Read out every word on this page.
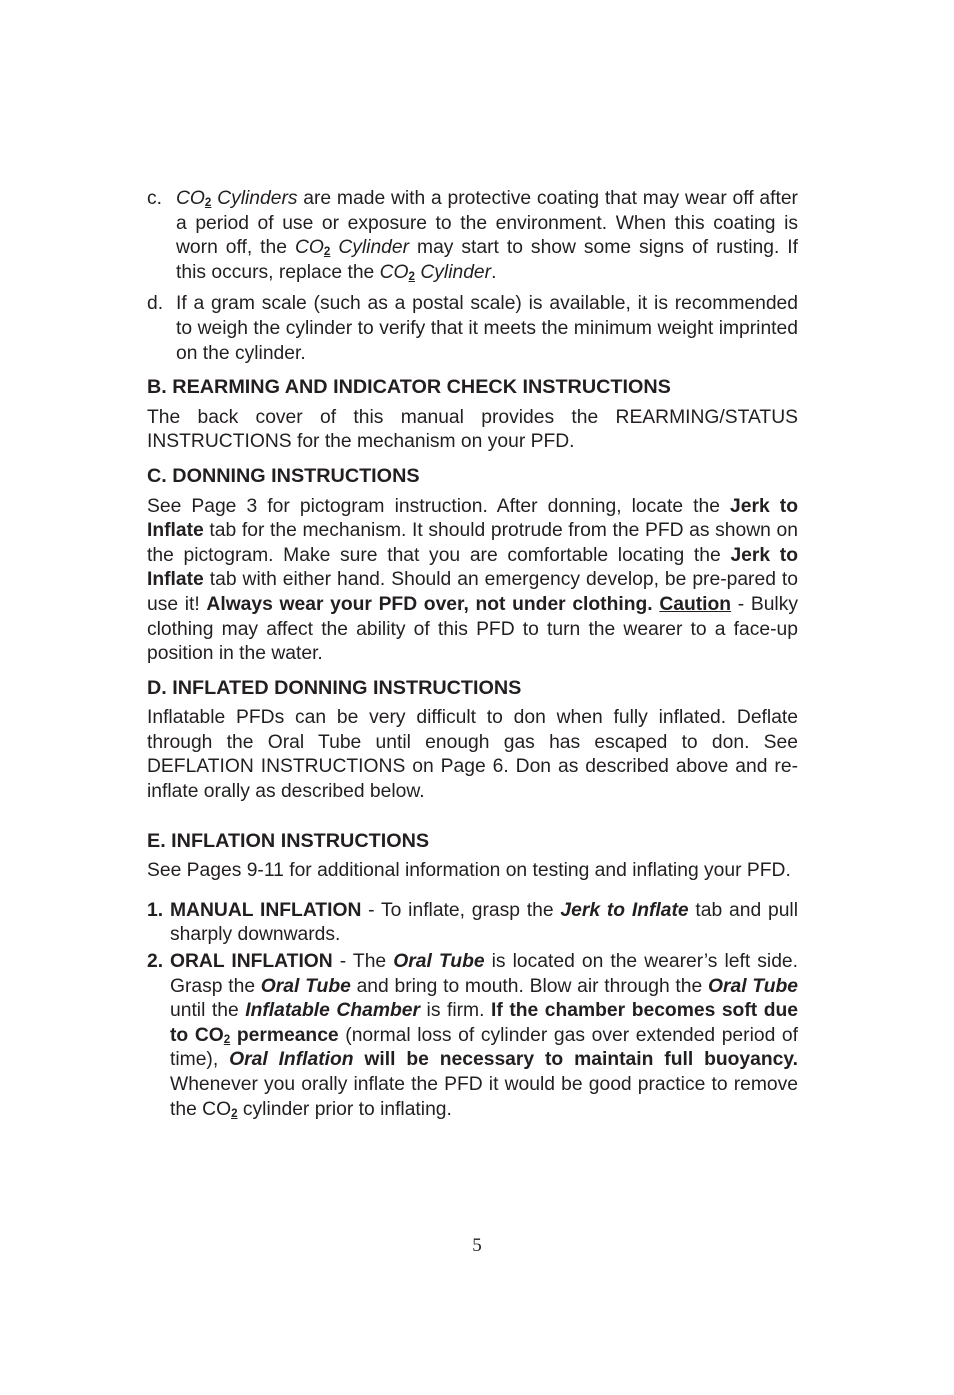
c. $CO_2$ Cylinders are made with a protective coating that may wear off after a period of use or exposure to the environment. When this coating is worn off, the $CO_2$ Cylinder may start to show some signs of rusting. If this occurs, replace the $CO_2$ Cylinder.
d. If a gram scale (such as a postal scale) is available, it is recommended to weigh the cylinder to verify that it meets the minimum weight imprinted on the cylinder.
B. REARMING AND INDICATOR CHECK INSTRUCTIONS
The back cover of this manual provides the REARMING/STATUS INSTRUCTIONS for the mechanism on your PFD.
C. DONNING INSTRUCTIONS
See Page 3 for pictogram instruction. After donning, locate the Jerk to Inflate tab for the mechanism. It should protrude from the PFD as shown on the pictogram. Make sure that you are comfortable locating the Jerk to Inflate tab with either hand. Should an emergency develop, be pre-pared to use it! Always wear your PFD over, not under clothing. Caution - Bulky clothing may affect the ability of this PFD to turn the wearer to a face-up position in the water.
D. INFLATED DONNING INSTRUCTIONS
Inflatable PFDs can be very difficult to don when fully inflated. Deflate through the Oral Tube until enough gas has escaped to don. See DEFLATION INSTRUCTIONS on Page 6. Don as described above and re-inflate orally as described below.
E. INFLATION INSTRUCTIONS
See Pages 9-11 for additional information on testing and inflating your PFD.
1. MANUAL INFLATION - To inflate, grasp the Jerk to Inflate tab and pull sharply downwards.
2. ORAL INFLATION - The Oral Tube is located on the wearer’s left side. Grasp the Oral Tube and bring to mouth. Blow air through the Oral Tube until the Inflatable Chamber is firm. If the chamber becomes soft due to $CO_2$ permeance (normal loss of cylinder gas over extended period of time), Oral Inflation will be necessary to maintain full buoyancy. Whenever you orally inflate the PFD it would be good practice to remove the $CO_2$ cylinder prior to inflating.
5
